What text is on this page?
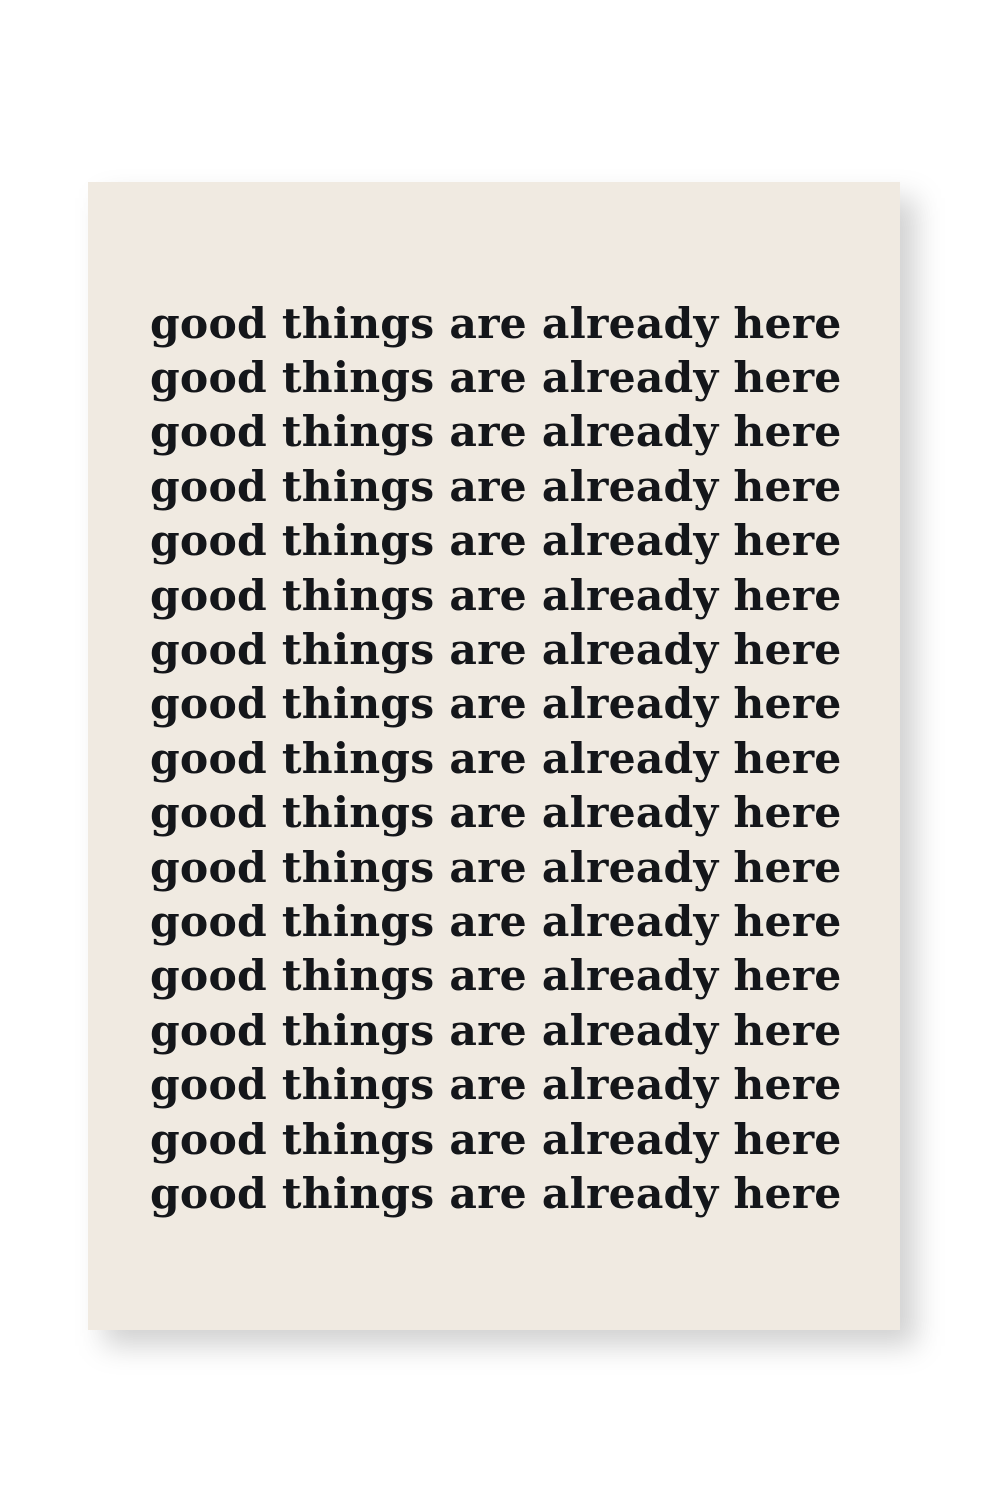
good things are already here
good things are already here
good things are already here
good things are already here
good things are already here
good things are already here
good things are already here
good things are already here
good things are already here
good things are already here
good things are already here
good things are already here
good things are already here
good things are already here
good things are already here
good things are already here
good things are already here
